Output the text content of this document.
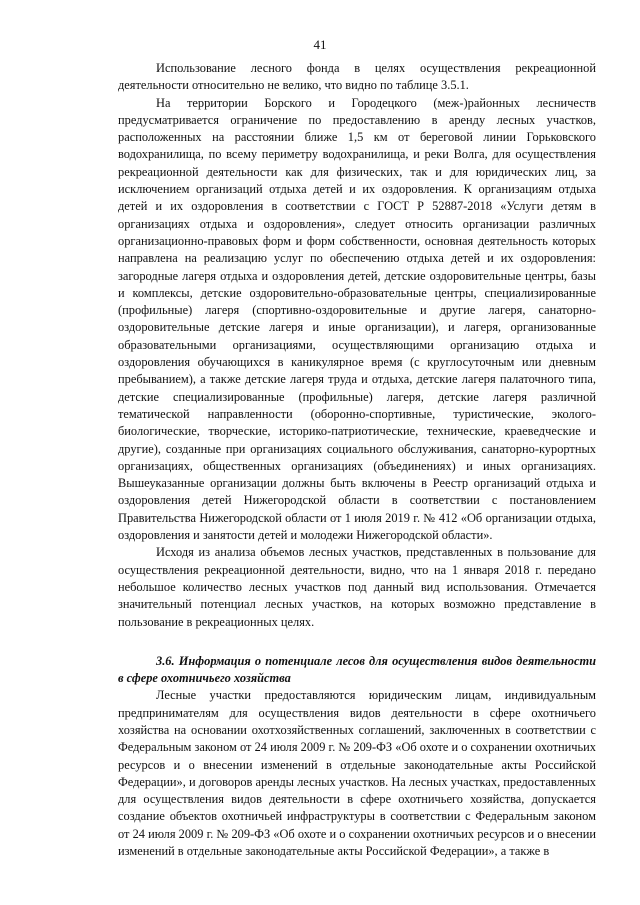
41

Использование лесного фонда в целях осуществления рекреационной деятельности относительно не велико, что видно по таблице 3.5.1.

На территории Борского и Городецкого (меж-)районных лесничеств предусматривается ограничение по предоставлению в аренду лесных участков, расположенных на расстоянии ближе 1,5 км от береговой линии Горьковского водохранилища, по всему периметру водохранилища, и реки Волга, для осуществления рекреационной деятельности как для физических, так и для юридических лиц, за исключением организаций отдыха детей и их оздоровления. К организациям отдыха детей и их оздоровления в соответствии с ГОСТ Р 52887-2018 «Услуги детям в организациях отдыха и оздоровления», следует относить организации различных организационно-правовых форм и форм собственности, основная деятельность которых направлена на реализацию услуг по обеспечению отдыха детей и их оздоровления: загородные лагеря отдыха и оздоровления детей, детские оздоровительные центры, базы и комплексы, детские оздоровительно-образовательные центры, специализированные (профильные) лагеря (спортивно-оздоровительные и другие лагеря, санаторно-оздоровительные детские лагеря и иные организации), и лагеря, организованные образовательными организациями, осуществляющими организацию отдыха и оздоровления обучающихся в каникулярное время (с круглосуточным или дневным пребыванием), а также детские лагеря труда и отдыха, детские лагеря палаточного типа, детские специализированные (профильные) лагеря, детские лагеря различной тематической направленности (оборонно-спортивные, туристические, эколого-биологические, творческие, историко-патриотические, технические, краеведческие и другие), созданные при организациях социального обслуживания, санаторно-курортных организациях, общественных организациях (объединениях) и иных организациях. Вышеуказанные организации должны быть включены в Реестр организаций отдыха и оздоровления детей Нижегородской области в соответствии с постановлением Правительства Нижегородской области от 1 июля 2019 г. № 412 «Об организации отдыха, оздоровления и занятости детей и молодежи Нижегородской области».

Исходя из анализа объемов лесных участков, представленных в пользование для осуществления рекреационной деятельности, видно, что на 1 января 2018 г. передано небольшое количество лесных участков под данный вид использования. Отмечается значительный потенциал лесных участков, на которых возможно представление в пользование в рекреационных целях.

3.6. Информация о потенциале лесов для осуществления видов деятельности в сфере охотничьего хозяйства

Лесные участки предоставляются юридическим лицам, индивидуальным предпринимателям для осуществления видов деятельности в сфере охотничьего хозяйства на основании охотхозяйственных соглашений, заключенных в соответствии с Федеральным законом от 24 июля 2009 г. № 209-ФЗ «Об охоте и о сохранении охотничьих ресурсов и о внесении изменений в отдельные законодательные акты Российской Федерации», и договоров аренды лесных участков. На лесных участках, предоставленных для осуществления видов деятельности в сфере охотничьего хозяйства, допускается создание объектов охотничьей инфраструктуры в соответствии с Федеральным законом от 24 июля 2009 г. № 209-ФЗ «Об охоте и о сохранении охотничьих ресурсов и о внесении изменений в отдельные законодательные акты Российской Федерации», а также в
